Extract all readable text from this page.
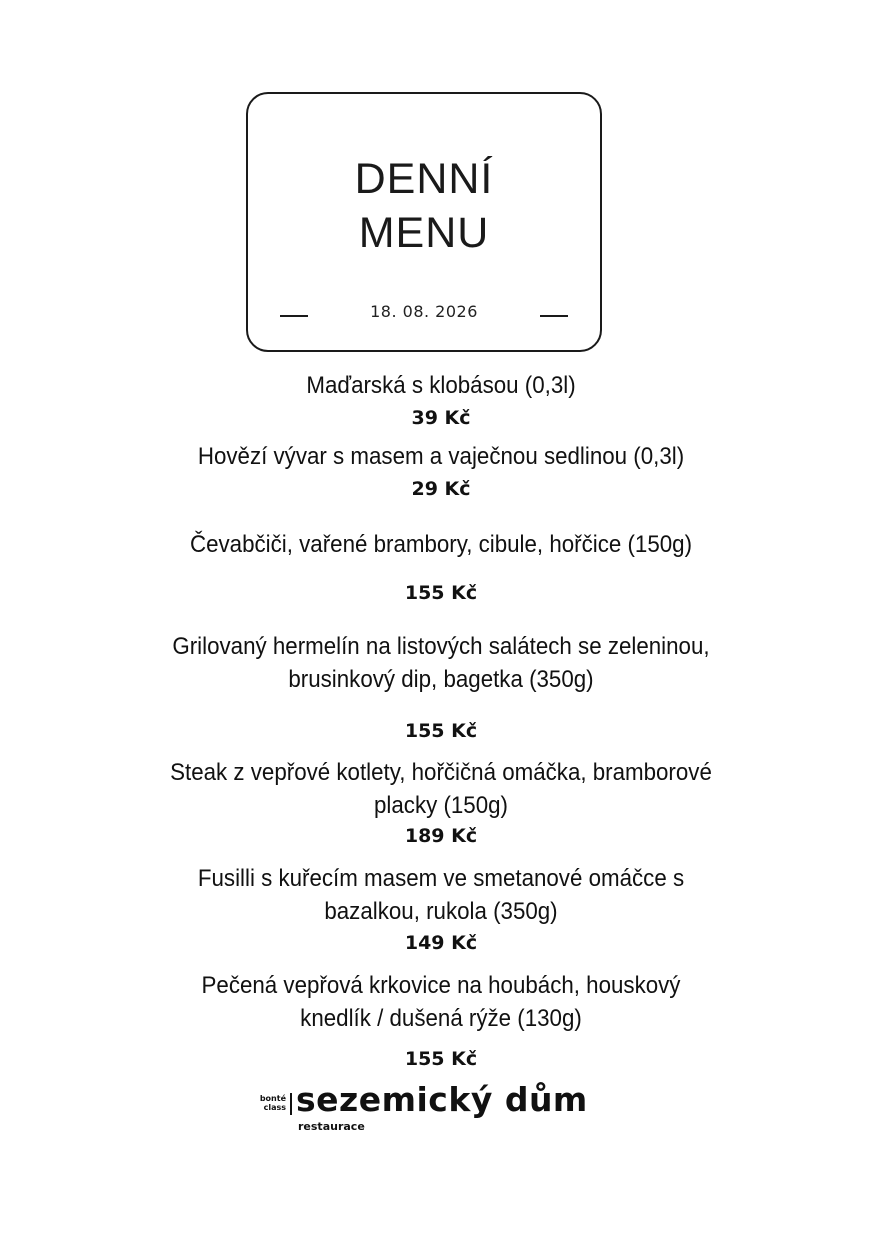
DENNÍ
MENU
18. 08. 2026
Maďarská s klobásou (0,3l)
39 Kč
Hovězí vývar s masem a vaječnou sedlinou (0,3l)
29 Kč
Čevabčiči, vařené brambory, cibule, hořčice (150g)
155 Kč
Grilovaný hermelín na listových salátech se zeleninou,
brusinkový dip, bagetka (350g)
155 Kč
Steak z vepřové kotlety, hořčičná omáčka, bramborové
placky (150g)
189 Kč
Fusilli s kuřecím masem ve smetanové omáčce s
bazalkou, rukola (350g)
149 Kč
Pečená vepřová krkovice na houbách, houskový
knedlík / dušená rýže (130g)
155 Kč
bonté
class sezemický dům
restaurace
